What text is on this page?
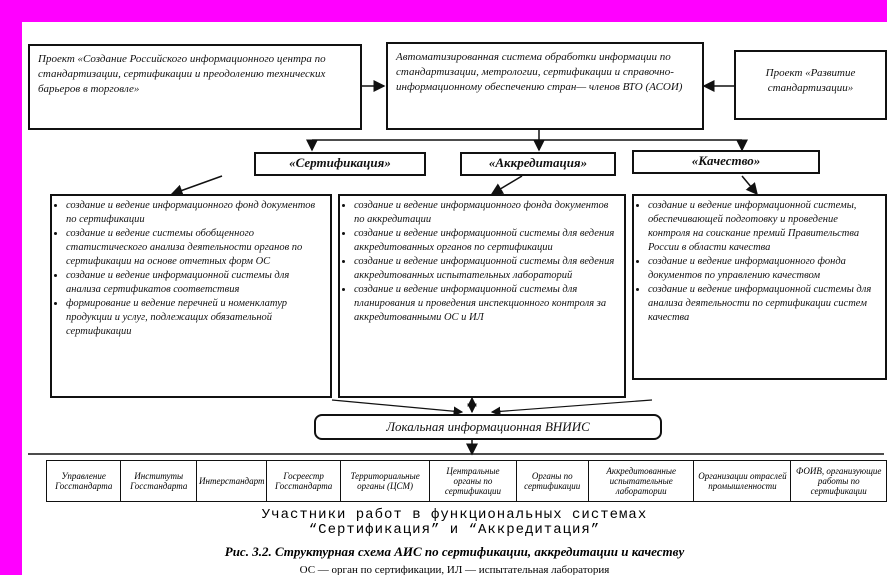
Проект «Создание Российского информационного центра по стандартизации, сертификации и преодолению технических барьеров в торговле»
Автоматизированная система обработки информации по стандартизации, метрологии, сертификации и справочно-информационному обеспечению стран— членов ВТО (АСОИ)
Проект «Развитие стандартизации»
«Сертификация»	«Аккредитация»	«Качество»
• создание и ведение информационного фонд документов по сертификации
• создание и ведение системы обобщенного статистического анализа деятельности органов по сертификации на основе отчетных форм ОС
• создание и ведение информационной системы для анализа сертификатов соответствия
• формирование и ведение перечней и номенклатур продукции и услуг, подлежащих обязательной сертификации
• создание и ведение информационного фонда документов по аккредитации
• создание и ведение информационной системы для ведения аккредитованных органов по сертификации
• создание и ведение информационной системы для ведения аккредитованных испытательных лабораторий
• создание и ведение информационной системы для планирования и проведения инспекционного контроля за аккредитованными ОС и ИЛ
• создание и ведение информационной системы, обеспечивающей подготовку и проведение контроля на соискание премий Правительства России в области качества
• создание и ведение информационного фонда документов по управлению качеством
• создание и ведение информационной системы для анализа деятельности по сертификации систем качества
Локальная информационная ВНИИС
Управление Госстандарта	Институты Госстандарта	Интерстандарт	Госреестр Госстандарта	Территориальные органы (ЦСМ)	Центральные органы по сертификации	Органы по сертификации	Аккредитованные испытательные лаборатории	Организации отраслей промышленности	ФОИВ, организующие работы по сертификации
Участники работ в функциональных системах
“Сертификация” и “Аккредитация”
Рис. 3.2. Структурная схема АИС по сертификации, аккредитации и качеству
ОС — орган по сертификации, ИЛ — испытательная лаборатория
